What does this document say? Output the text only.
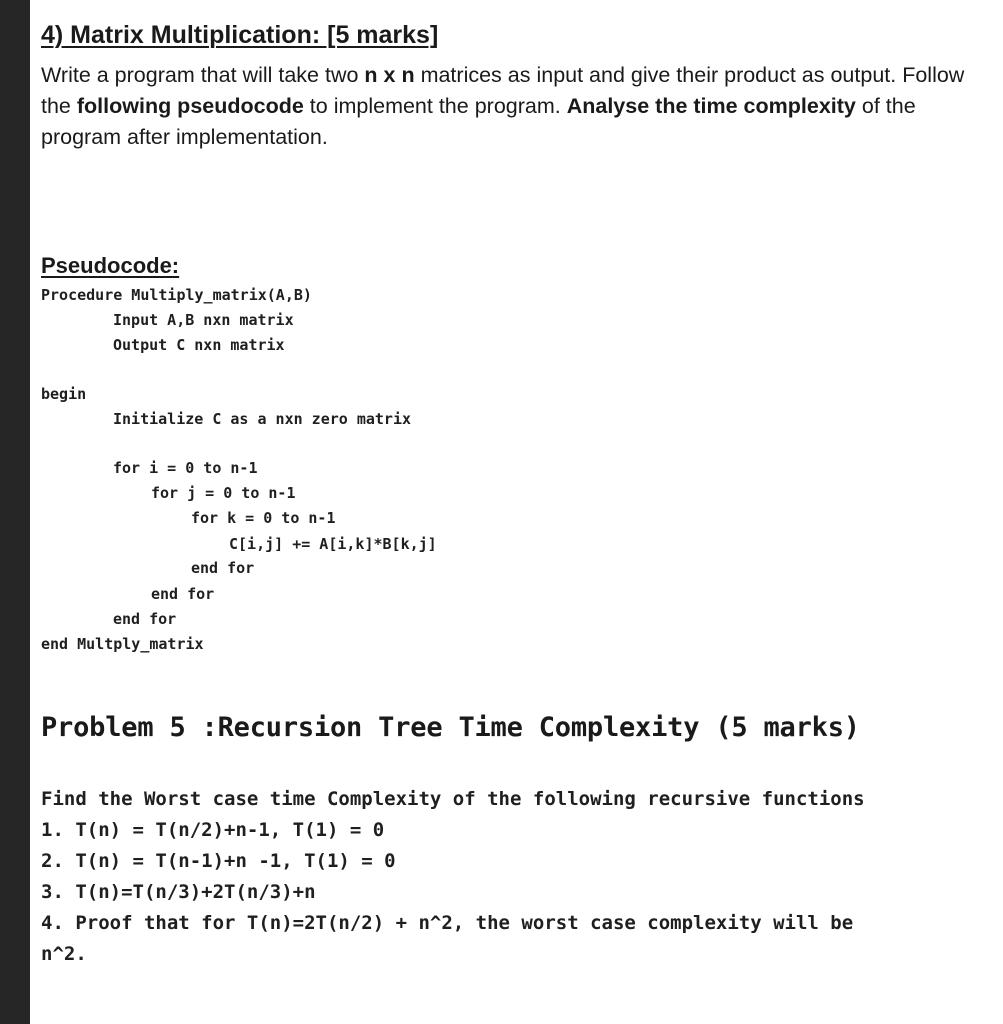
4) Matrix Multiplication: [5 marks]

Write a program that will take two n x n matrices as input and give their product as output. Follow the following pseudocode to implement the program. Analyse the time complexity of the program after implementation.

Pseudocode:
Procedure Multiply_matrix(A,B)
Input A,B nxn matrix
Output C nxn matrix
begin
Initialize C as a nxn zero matrix
for i = 0 to n-1
for j = 0 to n-1
for k = 0 to n-1
C[i,j] += A[i,k]*B[k,j]
end for
end for
end for
end Multply_matrix
Problem 5 :Recursion Tree Time Complexity (5 marks)
Find the Worst case time Complexity of the following recursive functions
1. T(n) = T(n/2)+n-1, T(1) = 0
2. T(n) = T(n-1)+n -1, T(1) = 0
3. T(n)=T(n/3)+2T(n/3)+n
4. Proof that for T(n)=2T(n/2) + n^2, the worst case complexity will be
n^2.
